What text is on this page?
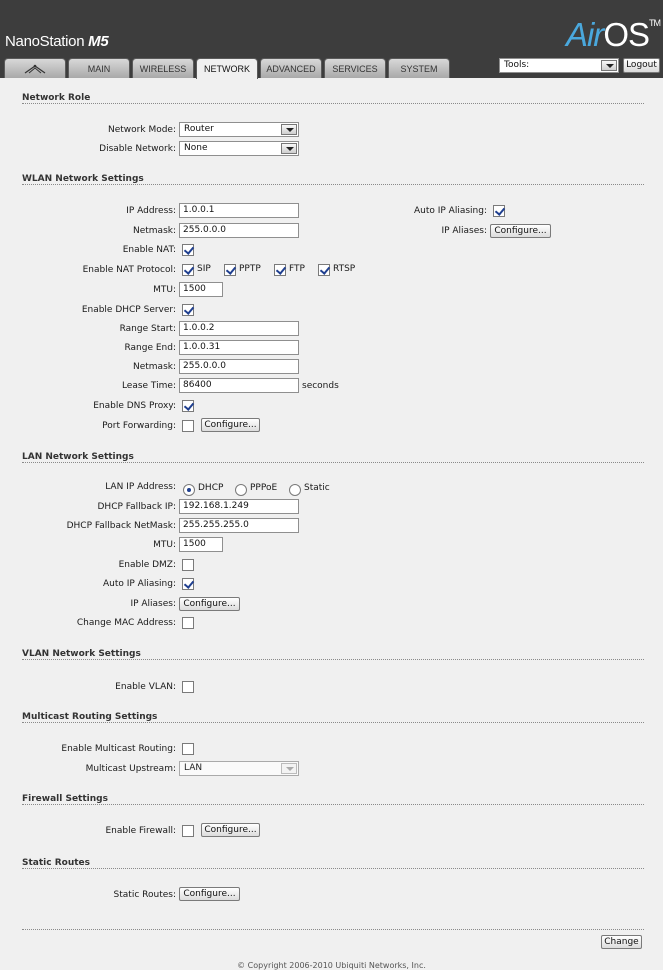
NanoStation M5	AirOS™
MAIN	WIRELESS	NETWORK	ADVANCED	SERVICES	SYSTEM	Tools:	Logout
Network Role
Network Mode: Router
Disable Network: None
WLAN Network Settings
IP Address: 1.0.0.1	Auto IP Aliasing:
Netmask: 255.0.0.0	IP Aliases: Configure...
Enable NAT:
Enable NAT Protocol: SIP	PPTP	FTP	RTSP
MTU: 1500
Enable DHCP Server:
Range Start: 1.0.0.2
Range End: 1.0.0.31
Netmask: 255.0.0.0
Lease Time: 86400	seconds
Enable DNS Proxy:
Port Forwarding:	Configure...
LAN Network Settings
LAN IP Address: DHCP	PPPoE	Static
DHCP Fallback IP: 192.168.1.249
DHCP Fallback NetMask: 255.255.255.0
MTU: 1500
Enable DMZ:
Auto IP Aliasing:
IP Aliases: Configure...
Change MAC Address:
VLAN Network Settings
Enable VLAN:
Multicast Routing Settings
Enable Multicast Routing:
Multicast Upstream: LAN
Firewall Settings
Enable Firewall:	Configure...
Static Routes
Static Routes: Configure...
Change
© Copyright 2006-2010 Ubiquiti Networks, Inc.
